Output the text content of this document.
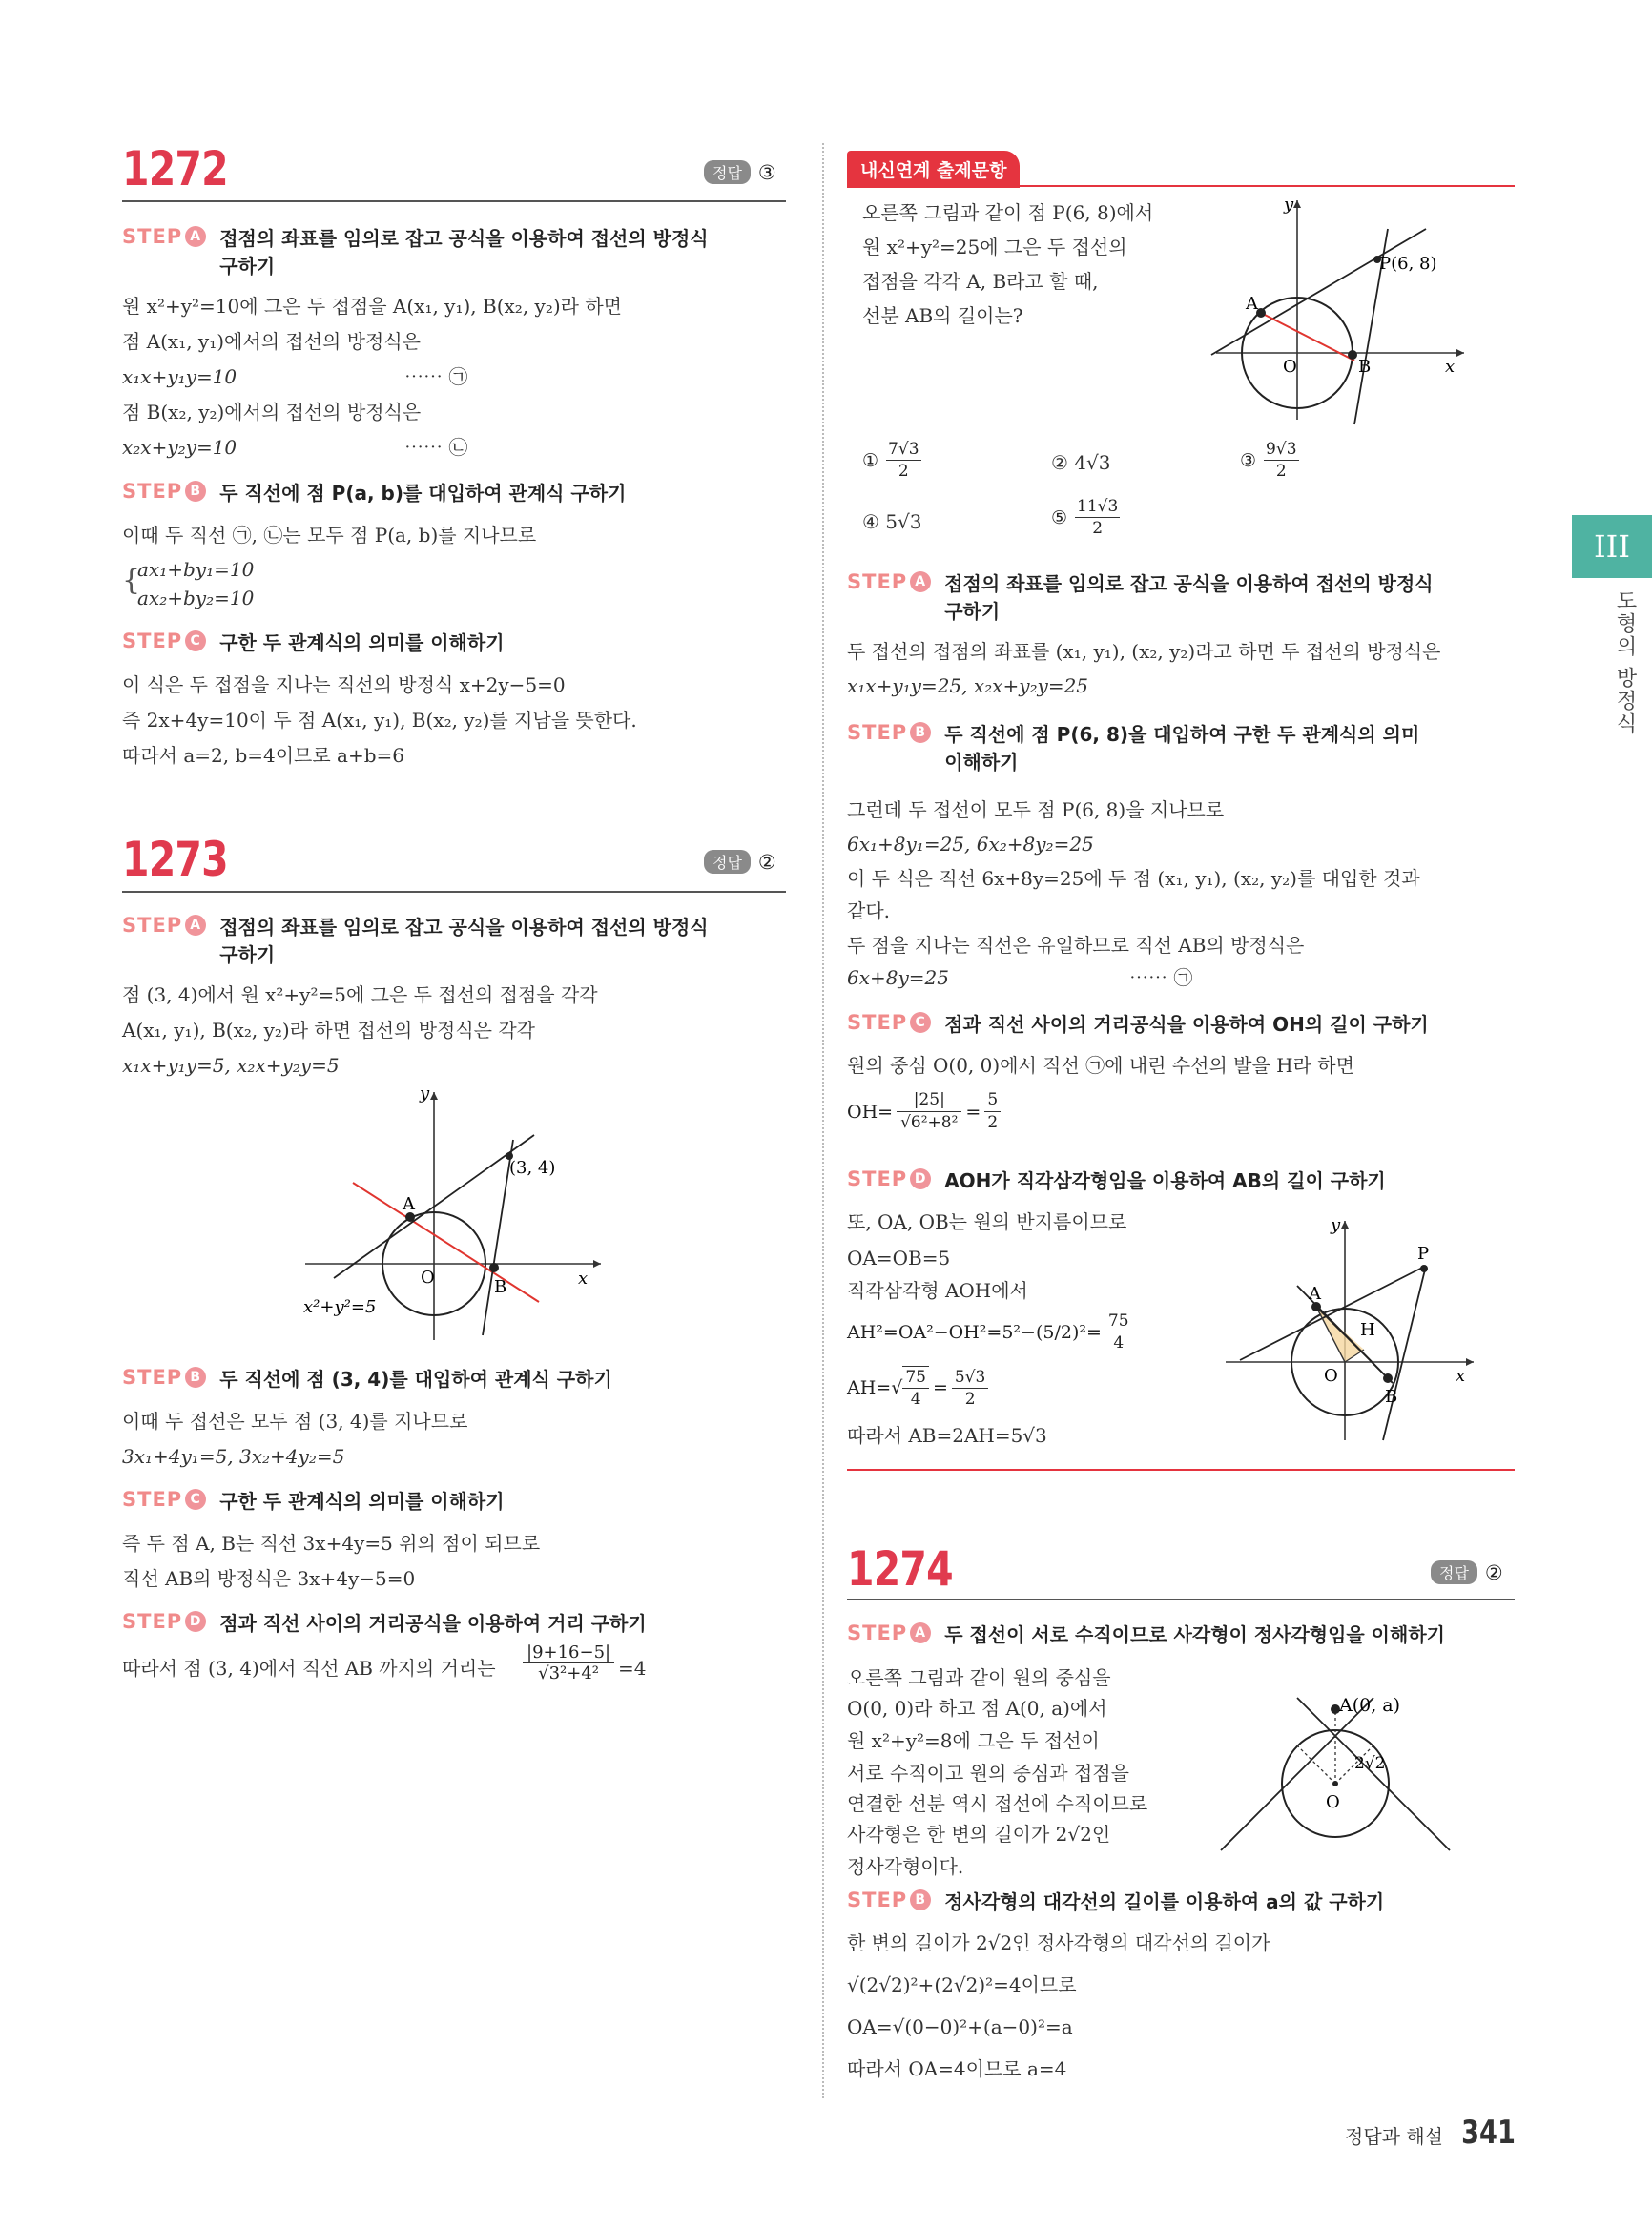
1272	정답 ③
STEP A 접점의 좌표를 임의로 잡고 공식을 이용하여 접선의 방정식
구하기
원 x²+y²=10에 그은 두 접점을 A(x₁, y₁), B(x₂, y₂)라 하면
점 A(x₁, y₁)에서의 접선의 방정식은
x₁x+y₁y=10	⋯⋯ ㉠
점 B(x₂, y₂)에서의 접선의 방정식은
x₂x+y₂y=10	⋯⋯ ㉡
STEP B 두 직선에 점 P(a, b)를 대입하여 관계식 구하기
이때 두 직선 ㉠, ㉡는 모두 점 P(a, b)를 지나므로
{
ax₁+by₁=10
ax₂+by₂=10
STEP C 구한 두 관계식의 의미를 이해하기
이 식은 두 접점을 지나는 직선의 방정식 x+2y−5=0
즉 2x+4y=10이 두 점 A(x₁, y₁), B(x₂, y₂)를 지남을 뜻한다.
따라서 a=2, b=4이므로 a+b=6
1273	정답 ②
STEP A 접점의 좌표를 임의로 잡고 공식을 이용하여 접선의 방정식
구하기
점 (3, 4)에서 원 x²+y²=5에 그은 두 접선의 접점을 각각
A(x₁, y₁), B(x₂, y₂)라 하면 접선의 방정식은 각각
x₁x+y₁y=5, x₂x+y₂y=5
y
x
O
A
B
(3, 4)
x²+y²=5
STEP B 두 직선에 점 (3, 4)를 대입하여 관계식 구하기
이때 두 접선은 모두 점 (3, 4)를 지나므로
3x₁+4y₁=5, 3x₂+4y₂=5
STEP C 구한 두 관계식의 의미를 이해하기
즉 두 점 A, B는 직선 3x+4y=5 위의 점이 되므로
직선 AB의 방정식은 3x+4y−5=0
STEP D 점과 직선 사이의 거리공식을 이용하여 거리 구하기
따라서 점 (3, 4)에서 직선 AB 까지의 거리는
|9+16−5|
√3²+4²	=4
내신연계 출제문항
오른쪽 그림과 같이 점 P(6, 8)에서
원 x²+y²=25에 그은 두 접선의
접점을 각각 A, B라고 할 때,
선분 AB의 길이는?
y
x
O
A
B
P(6, 8)
①
7√3
2	② 4√3	③
9√3
2
④ 5√3	⑤
11√3
2
STEP A 접점의 좌표를 임의로 잡고 공식을 이용하여 접선의 방정식
구하기
두 접선의 접점의 좌표를 (x₁, y₁), (x₂, y₂)라고 하면 두 접선의 방정식은
x₁x+y₁y=25, x₂x+y₂y=25
STEP B 두 직선에 점 P(6, 8)을 대입하여 구한 두 관계식의 의미
이해하기
그런데 두 접선이 모두 점 P(6, 8)을 지나므로
6x₁+8y₁=25, 6x₂+8y₂=25
이 두 식은 직선 6x+8y=25에 두 점 (x₁, y₁), (x₂, y₂)를 대입한 것과
같다.
두 점을 지나는 직선은 유일하므로 직선 AB의 방정식은
6x+8y=25	⋯⋯ ㉠
STEP C 점과 직선 사이의 거리공식을 이용하여 OH의 길이 구하기
원의 중심 O(0, 0)에서 직선 ㉠에 내린 수선의 발을 H라 하면
$OH= \frac{|25|}{\text{√6²+8²}} = \frac{5}{2}$
STEP D AOH가 직각삼각형임을 이용하여 AB의 길이 구하기
또, OA, OB는 원의 반지름이므로
OA=OB=5
직각삼각형 AOH에서
$AH^2=OA^2-OH^2=5^2-(5/2)^2= \frac{75}{4}$
$AH=√ \frac{75}{4} = \frac{5√3}{2}$
따라서 AB=2AH=5√3
y
x
O
A
B
P
H
1274	정답 ②
STEP A 두 접선이 서로 수직이므로 사각형이 정사각형임을 이해하기
오른쪽 그림과 같이 원의 중심을
O(0, 0)라 하고 점 A(0, a)에서
원 x²+y²=8에 그은 두 접선이
서로 수직이고 원의 중심과 접점을
연결한 선분 역시 접선에 수직이므로
사각형은 한 변의 길이가 2√2인
정사각형이다.
A(0, a)
O
2√2
STEP B 정사각형의 대각선의 길이를 이용하여 a의 값 구하기
한 변의 길이가 2√2인 정사각형의 대각선의 길이가
√(2√2)²+(2√2)²=4이므로
OA=√(0−0)²+(a−0)²=a
따라서 OA=4이므로 a=4
III
도형의 방정식
정답과 해설 341
